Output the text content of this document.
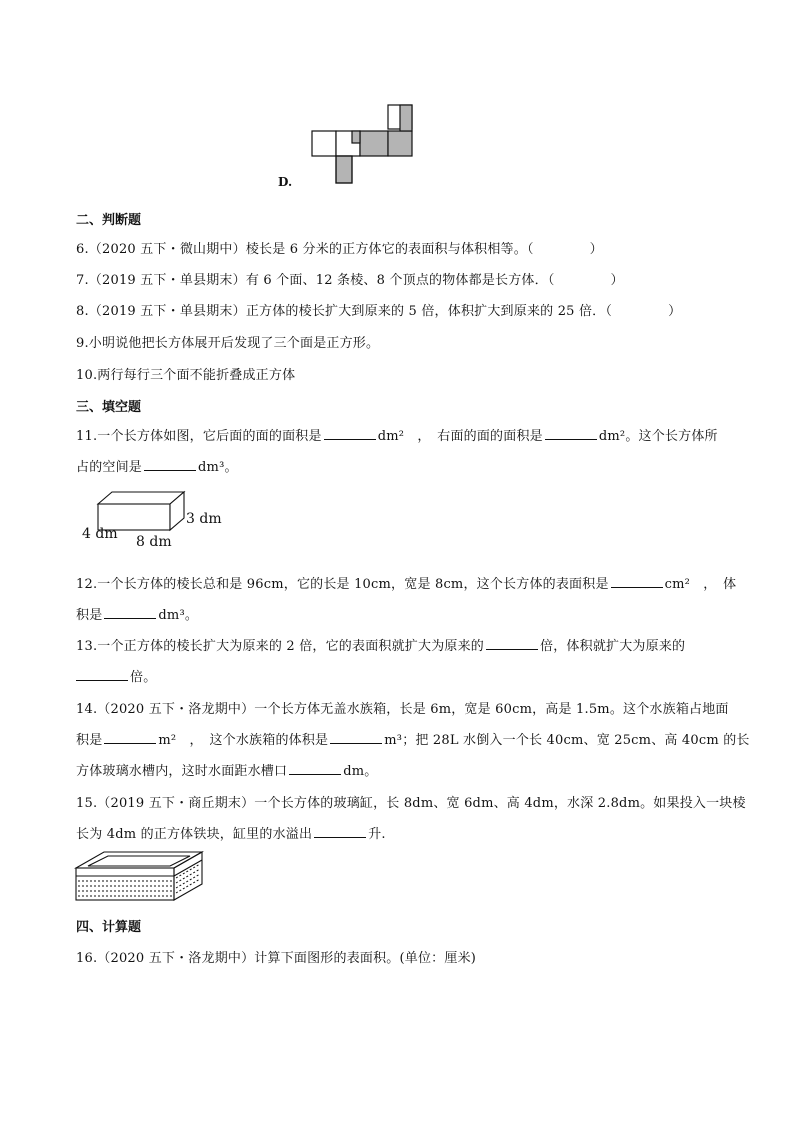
D.
二、判断题
6.（2020 五下・微山期中）棱长是 6 分米的正方体它的表面积与体积相等。（	）
7.（2019 五下・单县期末）有 6 个面、12 条棱、8 个顶点的物体都是长方体．（	）
8.（2019 五下・单县期末）正方体的棱长扩大到原来的 5 倍，体积扩大到原来的 25 倍．（	）
9.小明说他把长方体展开后发现了三个面是正方形。
10.两行每行三个面不能折叠成正方体
三、填空题
11.一个长方体如图，它后面的面的面积是	dm²　，　右面的面的面积是	dm²。这个长方体所
占的空间是	dm³。
3 dm
4 dm 8 dm
12.一个长方体的棱长总和是 96cm，它的长是 10cm，宽是 8cm，这个长方体的表面积是	cm²　，　体
积是	dm³。
13.一个正方体的棱长扩大为原来的 2 倍，它的表面积就扩大为原来的	倍，体积就扩大为原来的
倍。
14.（2020 五下・洛龙期中）一个长方体无盖水族箱，长是 6m，宽是 60cm，高是 1.5m。这个水族箱占地面
积是	m²　，　这个水族箱的体积是	m³；把 28L 水倒入一个长 40cm、宽 25cm、高 40cm 的长
方体玻璃水槽内，这时水面距水槽口	dm。
15.（2019 五下・商丘期末）一个长方体的玻璃缸，长 8dm、宽 6dm、高 4dm，水深 2.8dm。如果投入一块棱
长为 4dm 的正方体铁块，缸里的水溢出	升.
四、计算题
16.（2020 五下・洛龙期中）计算下面图形的表面积。(单位：厘米)
